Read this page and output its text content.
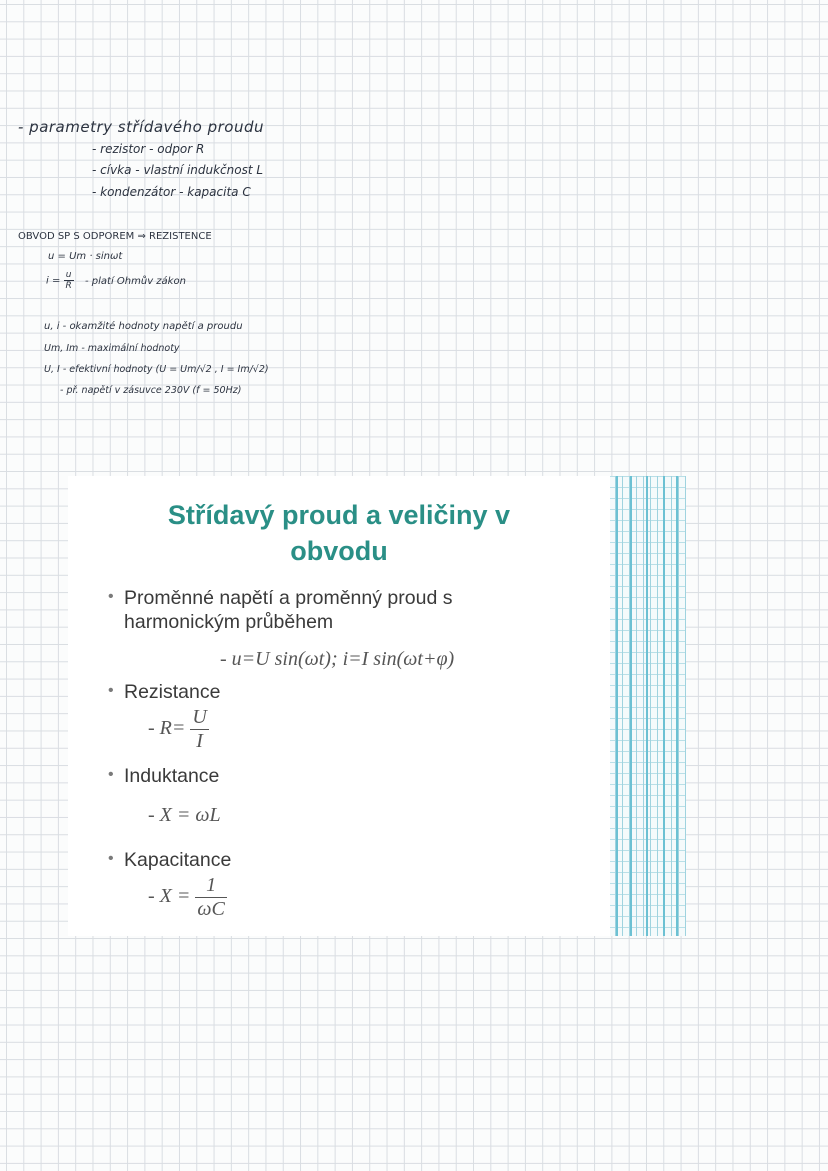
- parametry střídavého proudu
- rezistor - odpor R
- cívka - vlastní indukčnost L
- kondenzátor - kapacita C
OBVOD SP S ODPOREM ⇒ REZISTENCE
u = Um · sinωt
$i = \frac{u}{R}$ - platí Ohmův zákon
u, i - okamžité hodnoty napětí a proudu
Um, Im - maximální hodnoty
U, I - efektivní hodnoty (U = Um/√2 , I = Im/√2)
- př. napětí v zásuvce 230V (f = 50Hz)
Střídavý proud a veličiny v
obvodu
• Proměnné napětí a proměnný proud s
harmonickým průběhem
- u=U sin(ωt); i=I sin(ωt+φ)
• Rezistance
- $R= \frac{U}{I}$
• Induktance
- X = ωL
• Kapacitance
- $X = \frac{1}{\omega C}$
